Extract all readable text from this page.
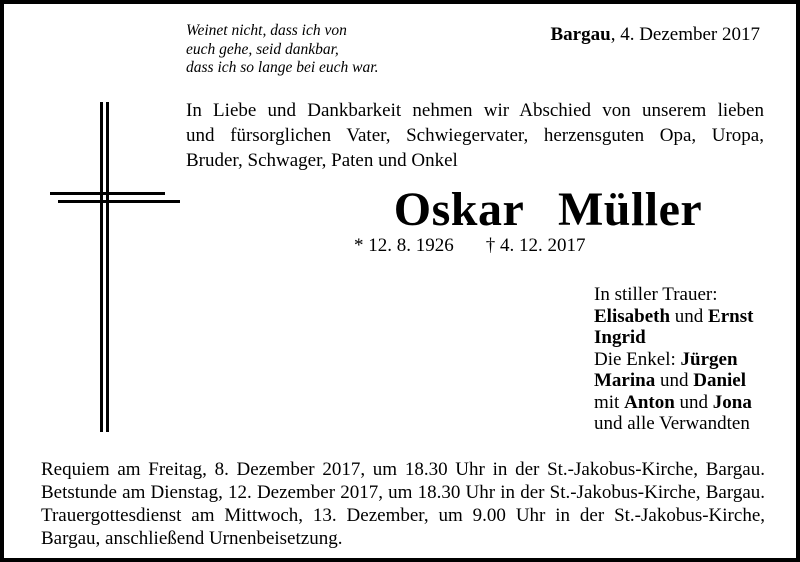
Weinet nicht, dass ich von
euch gehe, seid dankbar,
dass ich so lange bei euch war.
Bargau, 4. Dezember 2017
In Liebe und Dankbarkeit nehmen wir Abschied von unserem lieben
und fürsorglichen Vater, Schwiegervater, herzensguten Opa, Uropa,
Bruder, Schwager, Paten und Onkel
Oskar Müller
* 12. 8. 1926 † 4. 12. 2017
In stiller Trauer:
Elisabeth und Ernst
Ingrid
Die Enkel: Jürgen
Marina und Daniel
mit Anton und Jona
und alle Verwandten
Requiem am Freitag, 8. Dezember 2017, um 18.30 Uhr in der St.-Jakobus-Kirche, Bargau.
Betstunde am Dienstag, 12. Dezember 2017, um 18.30 Uhr in der St.-Jakobus-Kirche, Bargau.
Trauergottesdienst am Mittwoch, 13. Dezember, um 9.00 Uhr in der St.-Jakobus-Kirche,
Bargau, anschließend Urnenbeisetzung.
